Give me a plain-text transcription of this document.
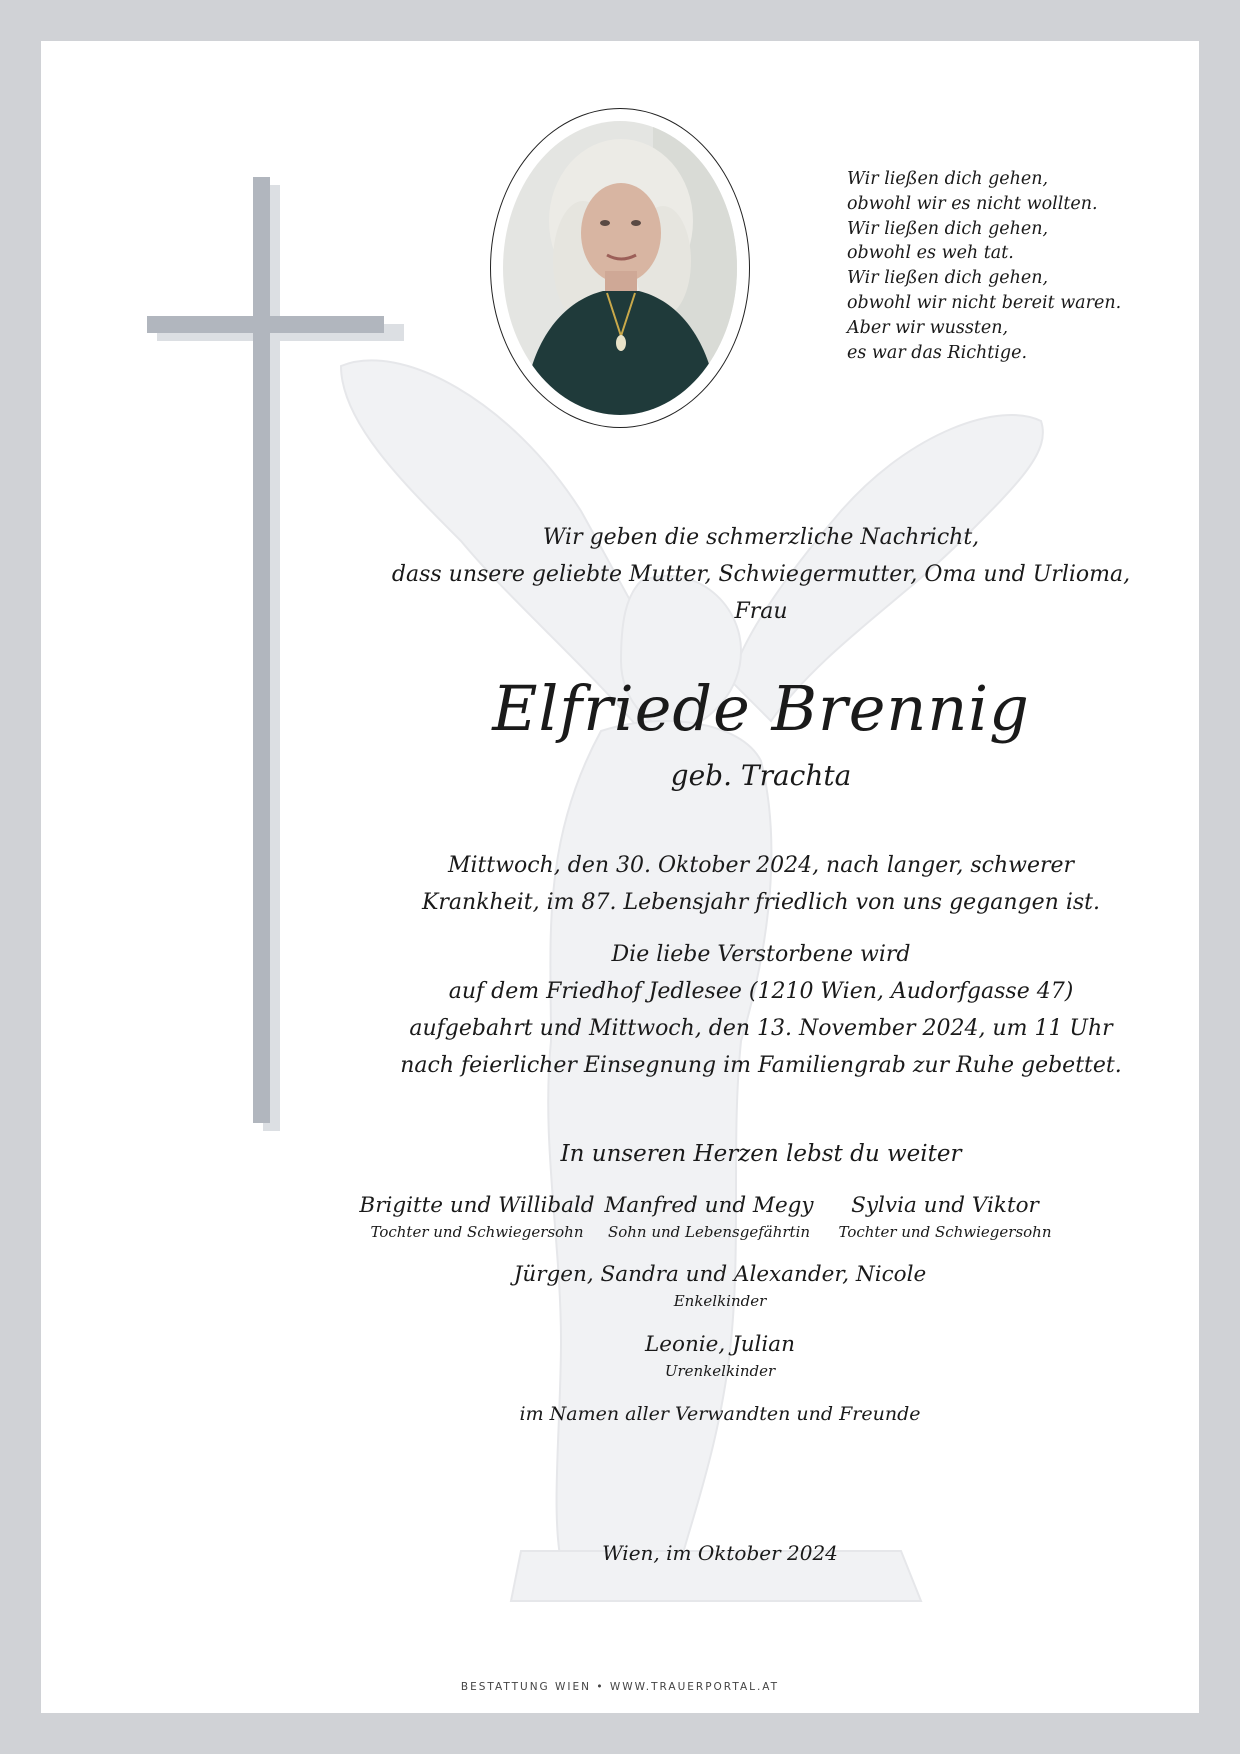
Wir ließen dich gehen,
obwohl wir es nicht wollten.
Wir ließen dich gehen,
obwohl es weh tat.
Wir ließen dich gehen,
obwohl wir nicht bereit waren.
Aber wir wussten,
es war das Richtige.
Wir geben die schmerzliche Nachricht,
dass unsere geliebte Mutter, Schwiegermutter, Oma und Urlioma,
Frau
Elfriede Brennig
geb. Trachta
Mittwoch, den 30. Oktober 2024, nach langer, schwerer
Krankheit, im 87. Lebensjahr friedlich von uns gegangen ist.
Die liebe Verstorbene wird
auf dem Friedhof Jedlesee (1210 Wien, Audorfgasse 47)
aufgebahrt und Mittwoch, den 13. November 2024, um 11 Uhr
nach feierlicher Einsegnung im Familiengrab zur Ruhe gebettet.
In unseren Herzen lebst du weiter
Brigitte und Willibald
Tochter und Schwiegersohn
Manfred und Megy
Sohn und Lebensgefährtin
Sylvia und Viktor
Tochter und Schwiegersohn
Jürgen, Sandra und Alexander, Nicole
Enkelkinder
Leonie, Julian
Urenkelkinder
im Namen aller Verwandten und Freunde
Wien, im Oktober 2024
BESTATTUNG WIEN • WWW.TRAUERPORTAL.AT
